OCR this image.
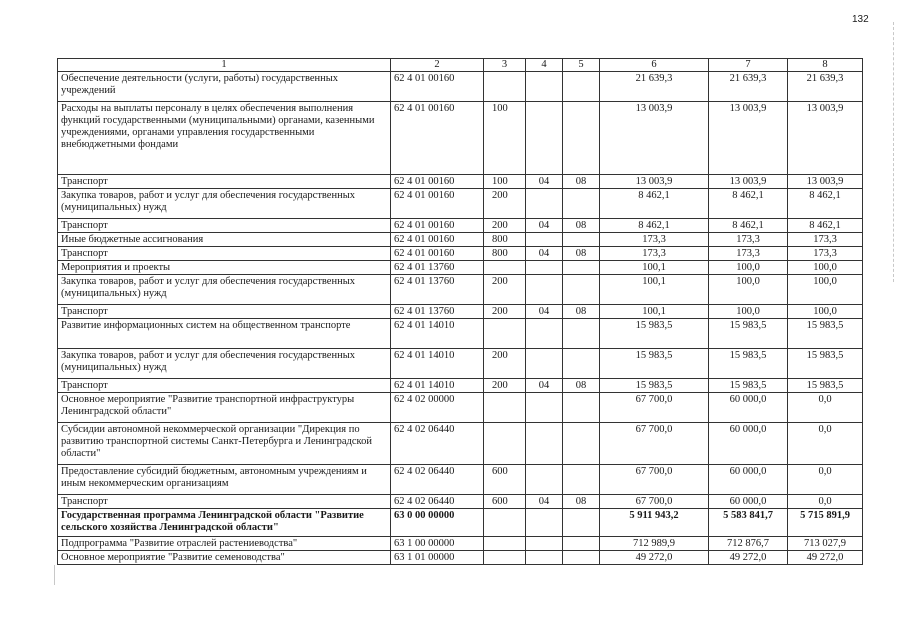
132
1	2	3	4	5	6	7	8
Обеспечение деятельности (услуги, работы) государственных учреждений	62 4 01 00160				21 639,3	21 639,3	21 639,3
Расходы на выплаты персоналу в целях обеспечения выполнения функций государственными (муниципальными) органами, казенными учреждениями, органами управления государственными внебюджетными фондами	62 4 01 00160	100			13 003,9	13 003,9	13 003,9
Транспорт	62 4 01 00160	100	04	08	13 003,9	13 003,9	13 003,9
Закупка товаров, работ и услуг для обеспечения государственных (муниципальных) нужд	62 4 01 00160	200			8 462,1	8 462,1	8 462,1
Транспорт	62 4 01 00160	200	04	08	8 462,1	8 462,1	8 462,1
Иные бюджетные ассигнования	62 4 01 00160	800			173,3	173,3	173,3
Транспорт	62 4 01 00160	800	04	08	173,3	173,3	173,3
Мероприятия и проекты	62 4 01 13760				100,1	100,0	100,0
Закупка товаров, работ и услуг для обеспечения государственных (муниципальных) нужд	62 4 01 13760	200			100,1	100,0	100,0
Транспорт	62 4 01 13760	200	04	08	100,1	100,0	100,0
Развитие информационных систем на общественном транспорте	62 4 01 14010				15 983,5	15 983,5	15 983,5
Закупка товаров, работ и услуг для обеспечения государственных (муниципальных) нужд	62 4 01 14010	200			15 983,5	15 983,5	15 983,5
Транспорт	62 4 01 14010	200	04	08	15 983,5	15 983,5	15 983,5
Основное мероприятие "Развитие транспортной инфраструктуры Ленинградской области"	62 4 02 00000				67 700,0	60 000,0	0,0
Субсидии автономной некоммерческой организации "Дирекция по развитию транспортной системы Санкт-Петербурга и Ленинградской области"	62 4 02 06440				67 700,0	60 000,0	0,0
Предоставление субсидий бюджетным, автономным учреждениям и иным некоммерческим организациям	62 4 02 06440	600			67 700,0	60 000,0	0,0
Транспорт	62 4 02 06440	600	04	08	67 700,0	60 000,0	0,0
Государственная программа Ленинградской области "Развитие сельского хозяйства Ленинградской области"	63 0 00 00000				5 911 943,2	5 583 841,7	5 715 891,9
Подпрограмма "Развитие отраслей растениеводства"	63 1 00 00000				712 989,9	712 876,7	713 027,9
Основное мероприятие "Развитие семеноводства"	63 1 01 00000				49 272,0	49 272,0	49 272,0
